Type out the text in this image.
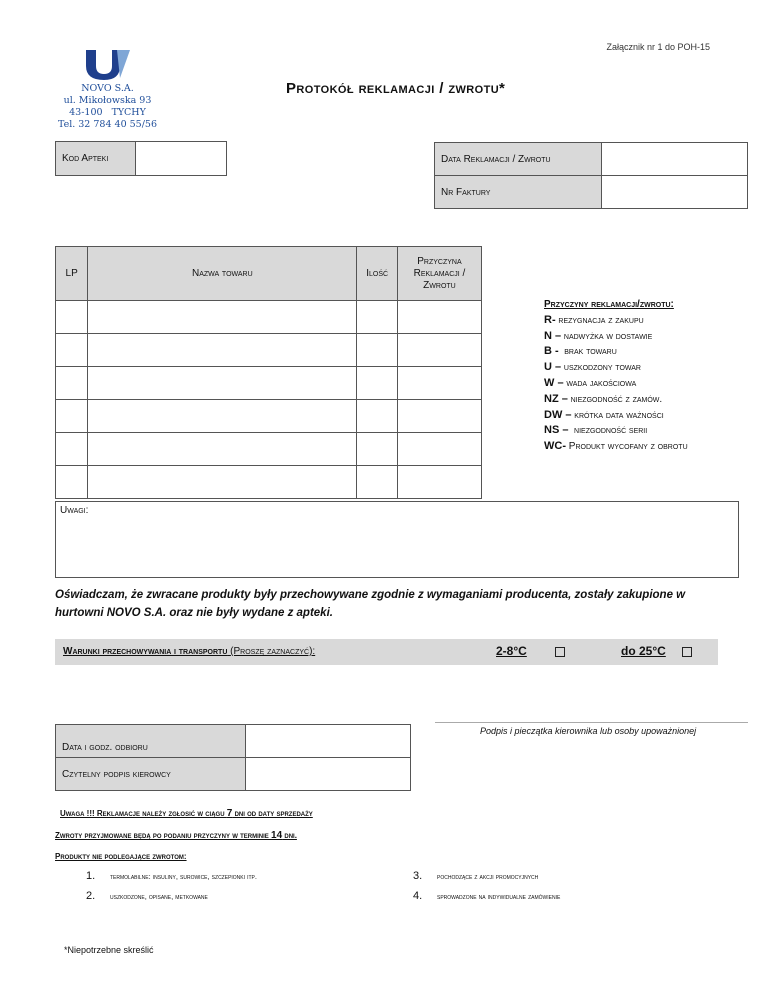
Załącznik nr 1 do POH-15
NOVO S.A.
ul. Mikołowska 93
43-100   TYCHY
Tel. 32 784 40 55/56
Protokół reklamacji / zwrotu*
Kod Apteki	Data Reklamacji / Zwrotu
Nr Faktury
LP	Nazwa towaru	Ilość	Przyczyna Reklamacji / Zwrotu

Przyczyny reklamacji/zwrotu:
R- rezygnacja z zakupu
N – nadwyżka w dostawie
B -  brak towaru
U – uszkodzony towar
W – wada jakościowa
NZ – niezgodność z zamów.
DW – krótka data ważności
NS –  niezgodność serii
WC- Produkt wycofany z obrotu
Uwagi:
Oświadczam, że zwracane produkty były przechowywane zgodnie z wymaganiami producenta, zostały zakupione w hurtowni NOVO S.A. oraz nie były wydane z apteki.
Warunki przechowywania i transportu (Proszę zaznaczyć):	2-8°C	do 25°C
Podpis i pieczątka kierownika lub osoby upoważnionej
Data i godz. odbioru
Czytelny podpis kierowcy
Uwaga !!! Reklamacje należy zgłosić w ciągu 7 dni od daty sprzedaży
Zwroty przyjmowane będą po podaniu przyczyny w terminie 14 dni.
Produkty nie podlegające zwrotom:
1. termolabilne: insuliny, surowice, szczepionki itp.	3. pochodzące z akcji promocyjnych
2. uszkodzone, opisane, metkowane	4. sprowadzone na indywidualne zamówienie
*Niepotrzebne skreślić
